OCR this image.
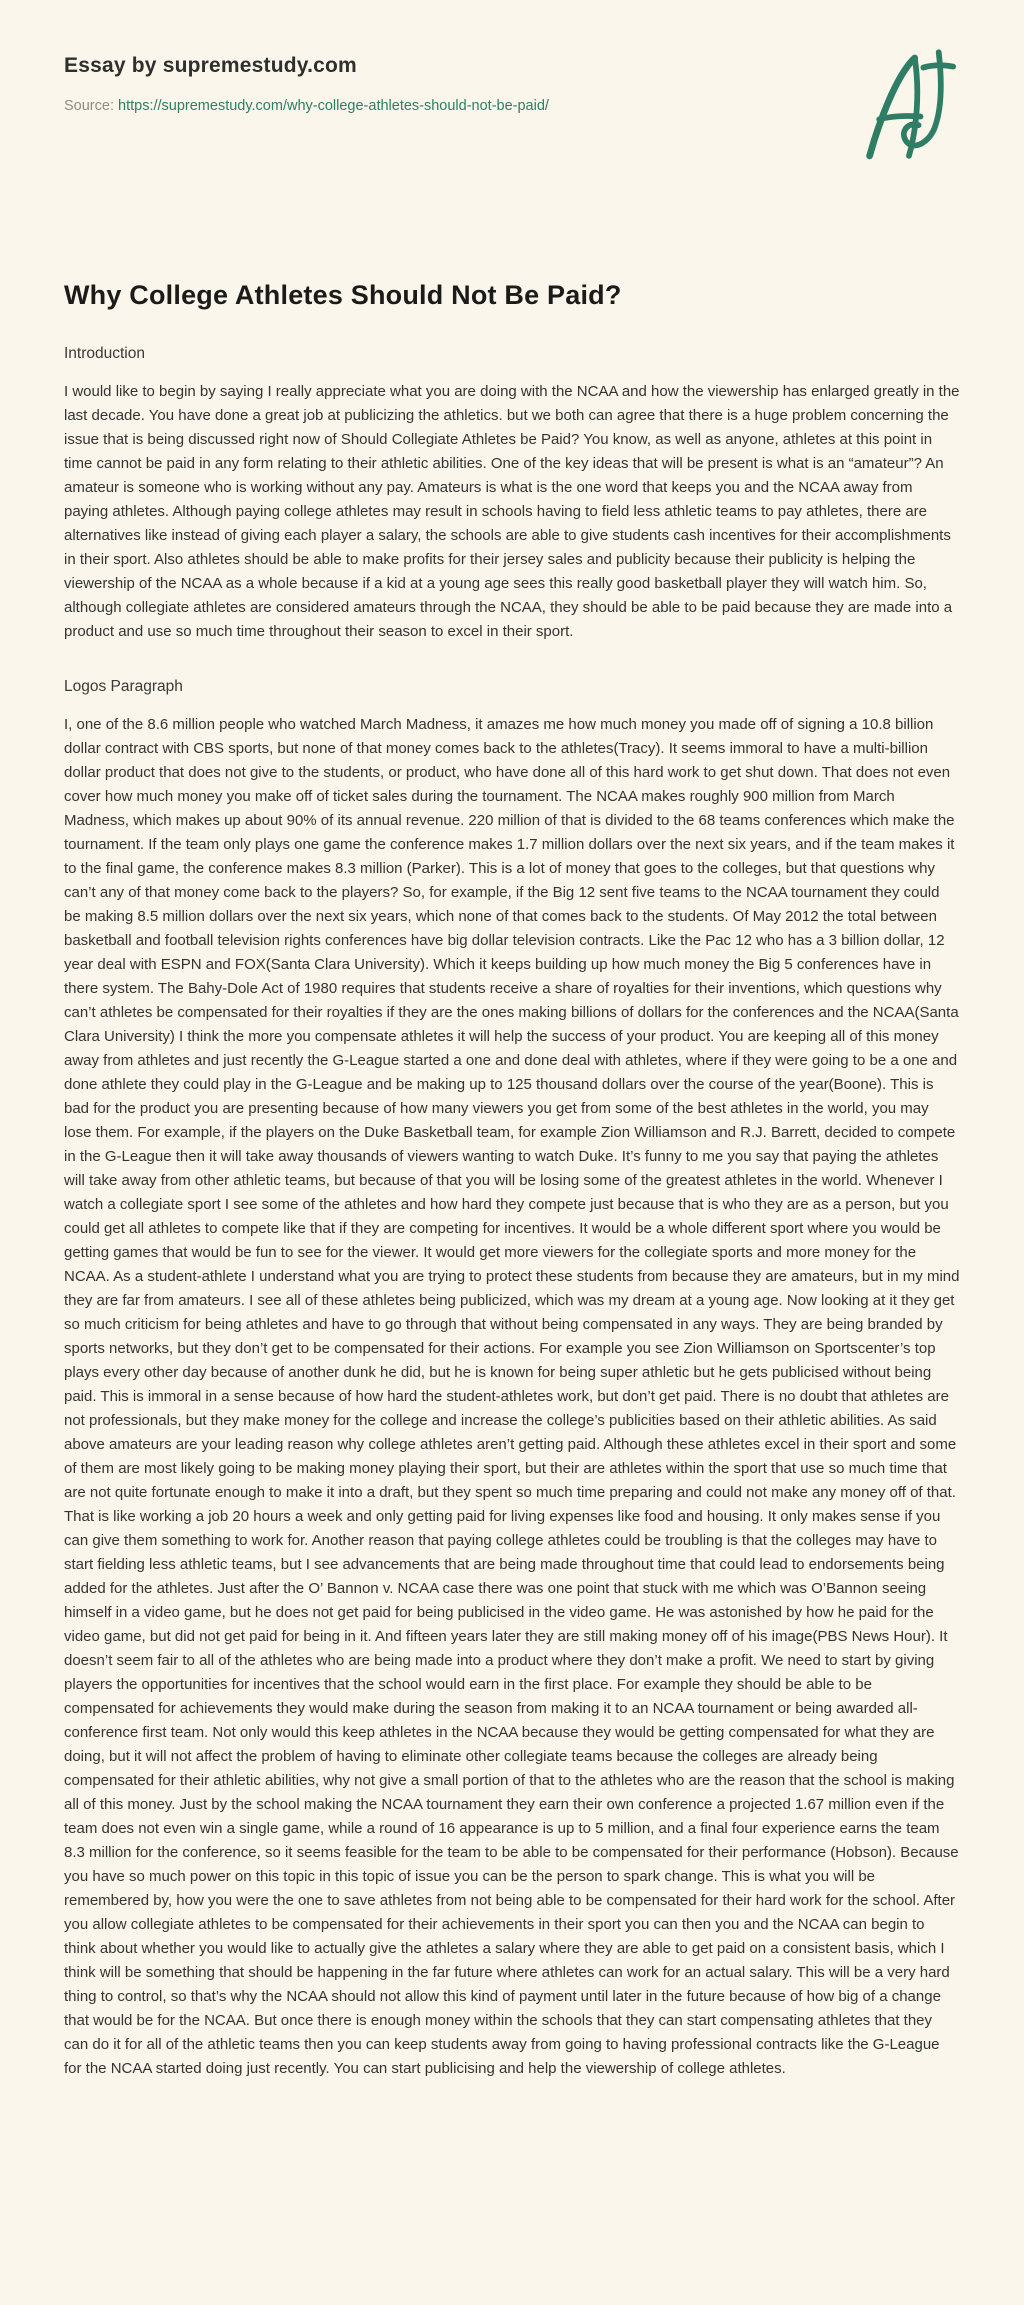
Essay by supremestudy.com

Source: https://supremestudy.com/why-college-athletes-should-not-be-paid/

Why College Athletes Should Not Be Paid?
Introduction

I would like to begin by saying I really appreciate what you are doing with the NCAA and how the viewership has enlarged greatly in the last decade. You have done a great job at publicizing the athletics. but we both can agree that there is a huge problem concerning the issue that is being discussed right now of Should Collegiate Athletes be Paid? You know, as well as anyone, athletes at this point in time cannot be paid in any form relating to their athletic abilities. One of the key ideas that will be present is what is an “amateur”? An amateur is someone who is working without any pay. Amateurs is what is the one word that keeps you and the NCAA away from paying athletes. Although paying college athletes may result in schools having to field less athletic teams to pay athletes, there are alternatives like instead of giving each player a salary, the schools are able to give students cash incentives for their accomplishments in their sport. Also athletes should be able to make profits for their jersey sales and publicity because their publicity is helping the viewership of the NCAA as a whole because if a kid at a young age sees this really good basketball player they will watch him. So, although collegiate athletes are considered amateurs through the NCAA, they should be able to be paid because they are made into a product and use so much time throughout their season to excel in their sport.

Logos Paragraph

I, one of the 8.6 million people who watched March Madness, it amazes me how much money you made off of signing a 10.8 billion dollar contract with CBS sports, but none of that money comes back to the athletes(Tracy). It seems immoral to have a multi-billion dollar product that does not give to the students, or product, who have done all of this hard work to get shut down. That does not even cover how much money you make off of ticket sales during the tournament. The NCAA makes roughly 900 million from March Madness, which makes up about 90% of its annual revenue. 220 million of that is divided to the 68 teams conferences which make the tournament. If the team only plays one game the conference makes 1.7 million dollars over the next six years, and if the team makes it to the final game, the conference makes 8.3 million (Parker). This is a lot of money that goes to the colleges, but that questions why can’t any of that money come back to the players? So, for example, if the Big 12 sent five teams to the NCAA tournament they could be making 8.5 million dollars over the next six years, which none of that comes back to the students. Of May 2012 the total between basketball and football television rights conferences have big dollar television contracts. Like the Pac 12 who has a 3 billion dollar, 12 year deal with ESPN and FOX(Santa Clara University). Which it keeps building up how much money the Big 5 conferences have in there system. The Bahy-Dole Act of 1980 requires that students receive a share of royalties for their inventions, which questions why can’t athletes be compensated for their royalties if they are the ones making billions of dollars for the conferences and the NCAA(Santa Clara University) I think the more you compensate athletes it will help the success of your product. You are keeping all of this money away from athletes and just recently the G-League started a one and done deal with athletes, where if they were going to be a one and done athlete they could play in the G-League and be making up to 125 thousand dollars over the course of the year(Boone). This is bad for the product you are presenting because of how many viewers you get from some of the best athletes in the world, you may lose them. For example, if the players on the Duke Basketball team, for example Zion Williamson and R.J. Barrett, decided to compete in the G-League then it will take away thousands of viewers wanting to watch Duke. It’s funny to me you say that paying the athletes will take away from other athletic teams, but because of that you will be losing some of the greatest athletes in the world. Whenever I watch a collegiate sport I see some of the athletes and how hard they compete just because that is who they are as a person, but you could get all athletes to compete like that if they are competing for incentives. It would be a whole different sport where you would be getting games that would be fun to see for the viewer. It would get more viewers for the collegiate sports and more money for the NCAA. As a student-athlete I understand what you are trying to protect these students from because they are amateurs, but in my mind they are far from amateurs. I see all of these athletes being publicized, which was my dream at a young age. Now looking at it they get so much criticism for being athletes and have to go through that without being compensated in any ways. They are being branded by sports networks, but they don’t get to be compensated for their actions. For example you see Zion Williamson on Sportscenter’s top plays every other day because of another dunk he did, but he is known for being super athletic but he gets publicised without being paid. This is immoral in a sense because of how hard the student-athletes work, but don’t get paid. There is no doubt that athletes are not professionals, but they make money for the college and increase the college’s publicities based on their athletic abilities. As said above amateurs are your leading reason why college athletes aren’t getting paid. Although these athletes excel in their sport and some of them are most likely going to be making money playing their sport, but their are athletes within the sport that use so much time that are not quite fortunate enough to make it into a draft, but they spent so much time preparing and could not make any money off of that. That is like working a job 20 hours a week and only getting paid for living expenses like food and housing. It only makes sense if you can give them something to work for. Another reason that paying college athletes could be troubling is that the colleges may have to start fielding less athletic teams, but I see advancements that are being made throughout time that could lead to endorsements being added for the athletes. Just after the O’ Bannon v. NCAA case there was one point that stuck with me which was O’Bannon seeing himself in a video game, but he does not get paid for being publicised in the video game. He was astonished by how he paid for the video game, but did not get paid for being in it. And fifteen years later they are still making money off of his image(PBS News Hour). It doesn’t seem fair to all of the athletes who are being made into a product where they don’t make a profit. We need to start by giving players the opportunities for incentives that the school would earn in the first place. For example they should be able to be compensated for achievements they would make during the season from making it to an NCAA tournament or being awarded all-conference first team. Not only would this keep athletes in the NCAA because they would be getting compensated for what they are doing, but it will not affect the problem of having to eliminate other collegiate teams because the colleges are already being compensated for their athletic abilities, why not give a small portion of that to the athletes who are the reason that the school is making all of this money. Just by the school making the NCAA tournament they earn their own conference a projected 1.67 million even if the team does not even win a single game, while a round of 16 appearance is up to 5 million, and a final four experience earns the team 8.3 million for the conference, so it seems feasible for the team to be able to be compensated for their performance (Hobson). Because you have so much power on this topic in this topic of issue you can be the person to spark change. This is what you will be remembered by, how you were the one to save athletes from not being able to be compensated for their hard work for the school. After you allow collegiate athletes to be compensated for their achievements in their sport you can then you and the NCAA can begin to think about whether you would like to actually give the athletes a salary where they are able to get paid on a consistent basis, which I think will be something that should be happening in the far future where athletes can work for an actual salary. This will be a very hard thing to control, so that’s why the NCAA should not allow this kind of payment until later in the future because of how big of a change that would be for the NCAA. But once there is enough money within the schools that they can start compensating athletes that they can do it for all of the athletic teams then you can keep students away from going to having professional contracts like the G-League for the NCAA started doing just recently. You can start publicising and help the viewership of college athletes.
